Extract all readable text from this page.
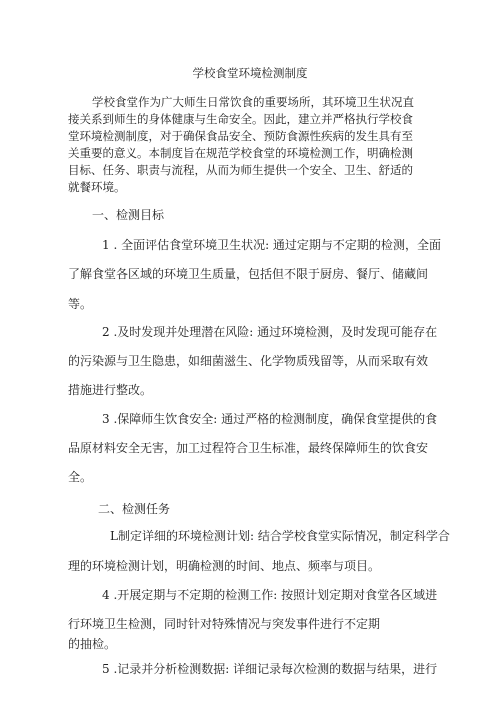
学校食堂环境检测制度

学校食堂作为广大师生日常饮食的重要场所，其环境卫生状况直

接关系到师生的身体健康与生命安全。因此，建立并严格执行学校食

堂环境检测制度，对于确保食品安全、预防食源性疾病的发生具有至

关重要的意义。本制度旨在规范学校食堂的环境检测工作，明确检测

目标、任务、职责与流程，从而为师生提供一个安全、卫生、舒适的

就餐环境。

一、检测目标

1 . 全面评估食堂环境卫生状况: 通过定期与不定期的检测，全面

了解食堂各区域的环境卫生质量，包括但不限于厨房、餐厅、储藏间

等。

2 .及时发现并处理潜在风险: 通过环境检测，及时发现可能存在

的污染源与卫生隐患，如细菌滋生、化学物质残留等，从而采取有效

措施进行整改。

3 .保障师生饮食安全: 通过严格的检测制度，确保食堂提供的食

品原材料安全无害，加工过程符合卫生标准，最终保障师生的饮食安

全。

二、检测任务

L制定详细的环境检测计划: 结合学校食堂实际情况，制定科学合

理的环境检测计划，明确检测的时间、地点、频率与项目。

4 .开展定期与不定期的检测工作: 按照计划定期对食堂各区域进

行环境卫生检测，同时针对特殊情况与突发事件进行不定期

的抽检。

5 .记录并分析检测数据: 详细记录每次检测的数据与结果，进行
